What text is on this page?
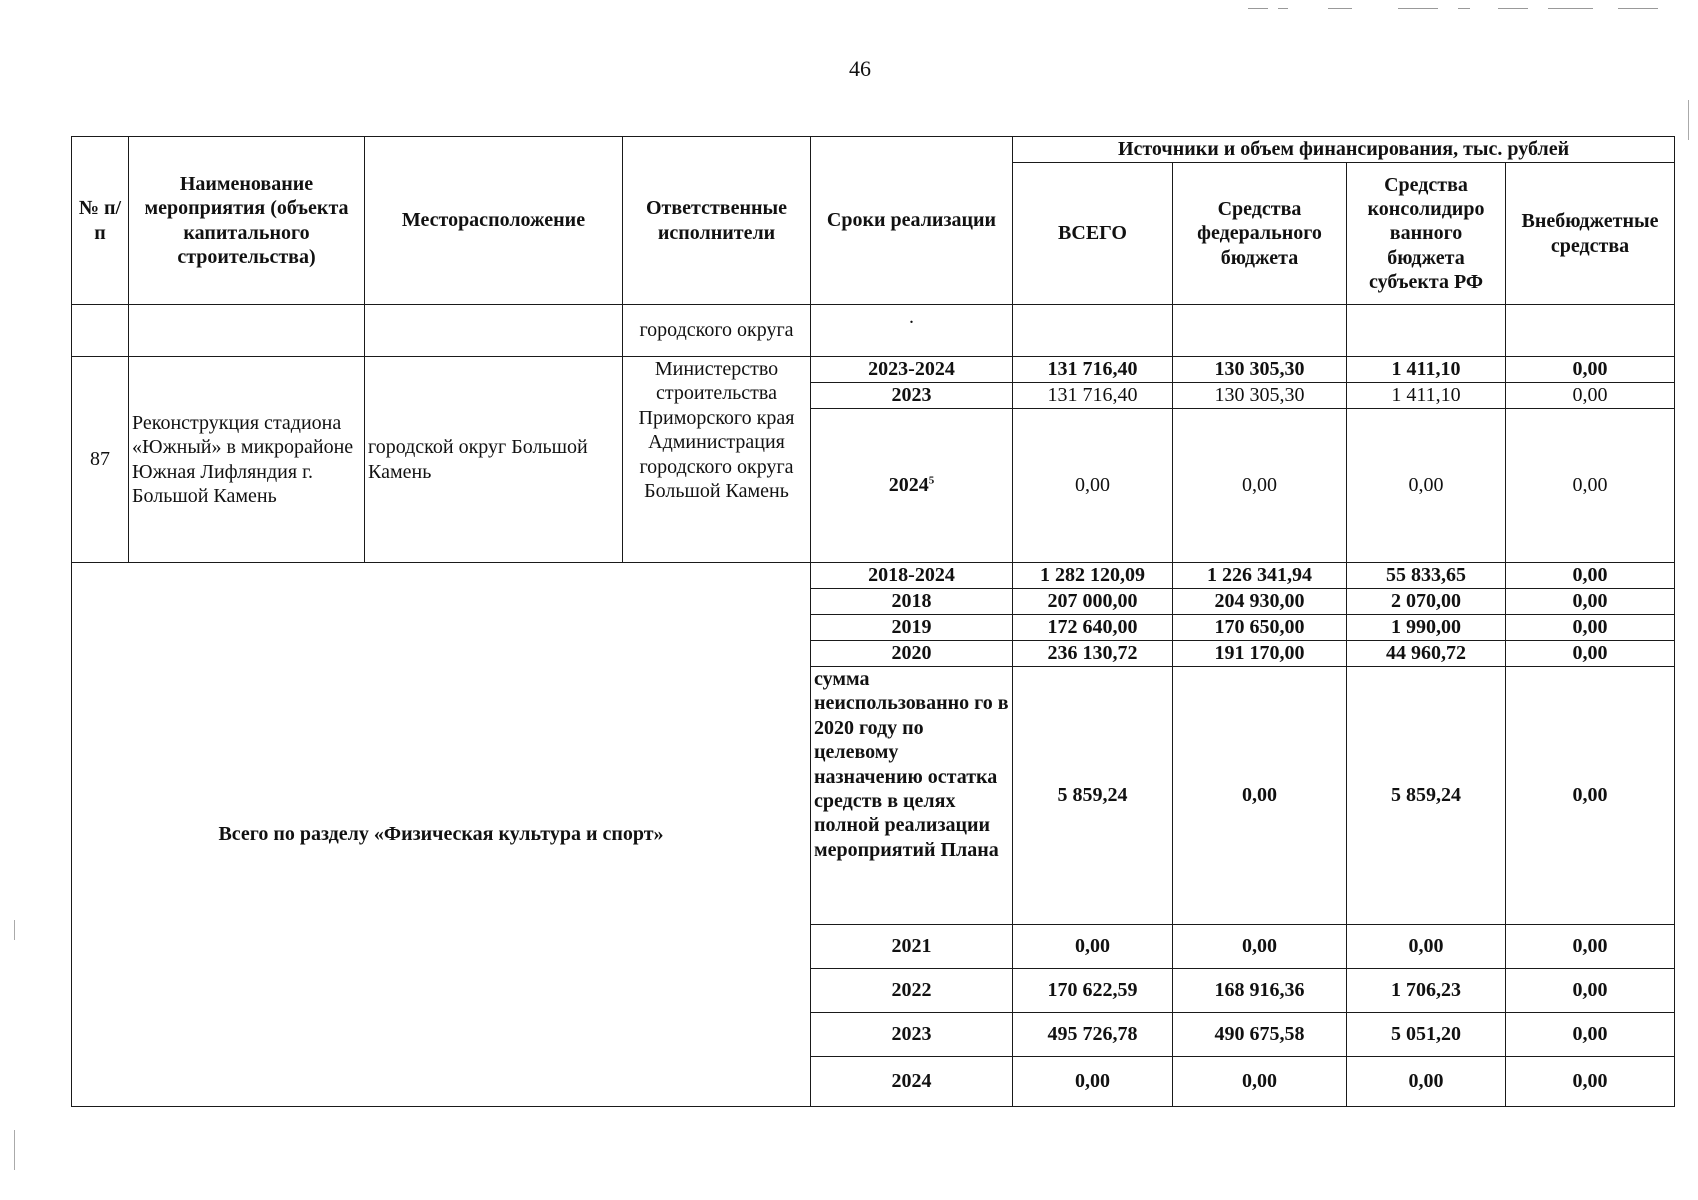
46
№ п/п	Наименование мероприятия (объекта капитального строительства)	Месторасположение	Ответственные исполнители	Сроки реализации	Источники и объем финансирования, тыс. рублей			
					ВСЕГО	Средства федерального бюджета	Средства консолидиро ванного бюджета субъекта РФ	Внебюджетные средства
			городского округа	.				
87	Реконструкция стадиона «Южный» в микрорайоне Южная Лифляндия г. Большой Камень	городской округ Большой Камень	Министерство строительства Приморского края Администрация городского округа Большой Камень	2023-2024	131 716,40	130 305,30	1 411,10	0,00
				2023	131 716,40	130 305,30	1 411,10	0,00
				2024$^5$	0,00	0,00	0,00	0,00
Всего по разделу «Физическая культура и спорт»				2018-2024	1 282 120,09	1 226 341,94	55 833,65	0,00
				2018	207 000,00	204 930,00	2 070,00	0,00
				2019	172 640,00	170 650,00	1 990,00	0,00
				2020	236 130,72	191 170,00	44 960,72	0,00
				сумма неиспользованно го в 2020 году по целевому назначению остатка средств в целях полной реализации мероприятий Плана	5 859,24	0,00	5 859,24	0,00
				2021	0,00	0,00	0,00	0,00
				2022	170 622,59	168 916,36	1 706,23	0,00
				2023	495 726,78	490 675,58	5 051,20	0,00
				2024	0,00	0,00	0,00	0,00
